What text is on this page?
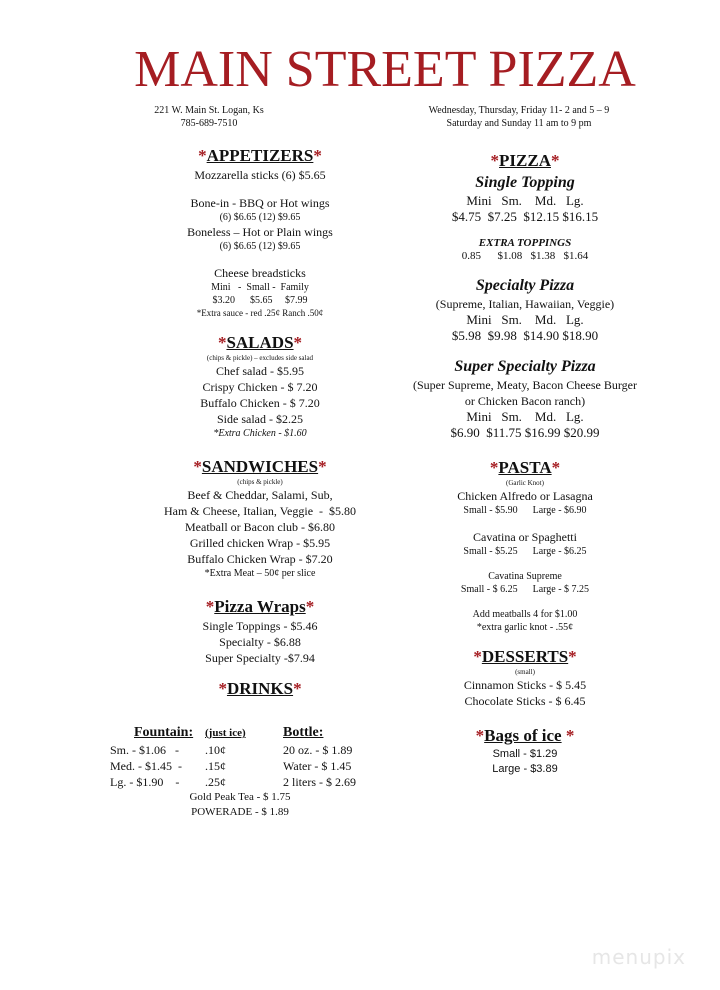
MAIN STREET PIZZA
221 W. Main St. Logan, Ks
785-689-7510
Wednesday, Thursday, Friday 11- 2 and 5 – 9
Saturday and Sunday 11 am to 9 pm
*APPETIZERS*
Mozzarella sticks (6) $5.65
Bone-in - BBQ or Hot wings
(6) $6.65 (12) $9.65
Boneless – Hot or Plain wings
(6) $6.65 (12) $9.65
Cheese breadsticks
Mini   -  Small -  Family
$3.20      $5.65     $7.99
*Extra sauce - red .25¢ Ranch .50¢
*SALADS*
(chips & pickle) – excludes side salad
Chef salad - $5.95
Crispy Chicken - $ 7.20
Buffalo Chicken - $ 7.20
Side salad - $2.25
*Extra Chicken - $1.60
*SANDWICHES*
(chips & pickle)
Beef & Cheddar, Salami, Sub,
Ham & Cheese, Italian, Veggie  -  $5.80
Meatball or Bacon club - $6.80
Grilled chicken Wrap - $5.95
Buffalo Chicken Wrap - $7.20
*Extra Meat – 50¢ per slice
*Pizza Wraps*
Single Toppings - $5.46
Specialty - $6.88
Super Specialty -$7.94
*DRINKS*
Fountain:	(just ice)	Bottle:
Sm. - $1.06   -	.10¢	20 oz. - $ 1.89
Med. - $1.45  -	.15¢	Water - $ 1.45
Lg. - $1.90    -	.25¢	2 liters - $ 2.69
Gold Peak Tea - $ 1.75
POWERADE - $ 1.89
*PIZZA*
Single Topping
Mini   Sm.    Md.   Lg.
$4.75  $7.25  $12.15 $16.15
EXTRA TOPPINGS
0.85      $1.08   $1.38   $1.64
Specialty Pizza
(Supreme, Italian, Hawaiian, Veggie)
Mini   Sm.    Md.   Lg.
$5.98  $9.98  $14.90 $18.90
Super Specialty Pizza
(Super Supreme, Meaty, Bacon Cheese Burger
or Chicken Bacon ranch)
Mini   Sm.    Md.   Lg.
$6.90  $11.75 $16.99 $20.99
*PASTA*
(Garlic Knot)
Chicken Alfredo or Lasagna
Small - $5.90      Large - $6.90
Cavatina or Spaghetti
Small - $5.25      Large - $6.25
Cavatina Supreme
Small - $ 6.25      Large - $ 7.25
Add meatballs 4 for $1.00
*extra garlic knot - .55¢
*DESSERTS*
(small)
Cinnamon Sticks - $ 5.45
Chocolate Sticks - $ 6.45
*Bags of ice *
Small - $1.29
Large - $3.89
menupix
